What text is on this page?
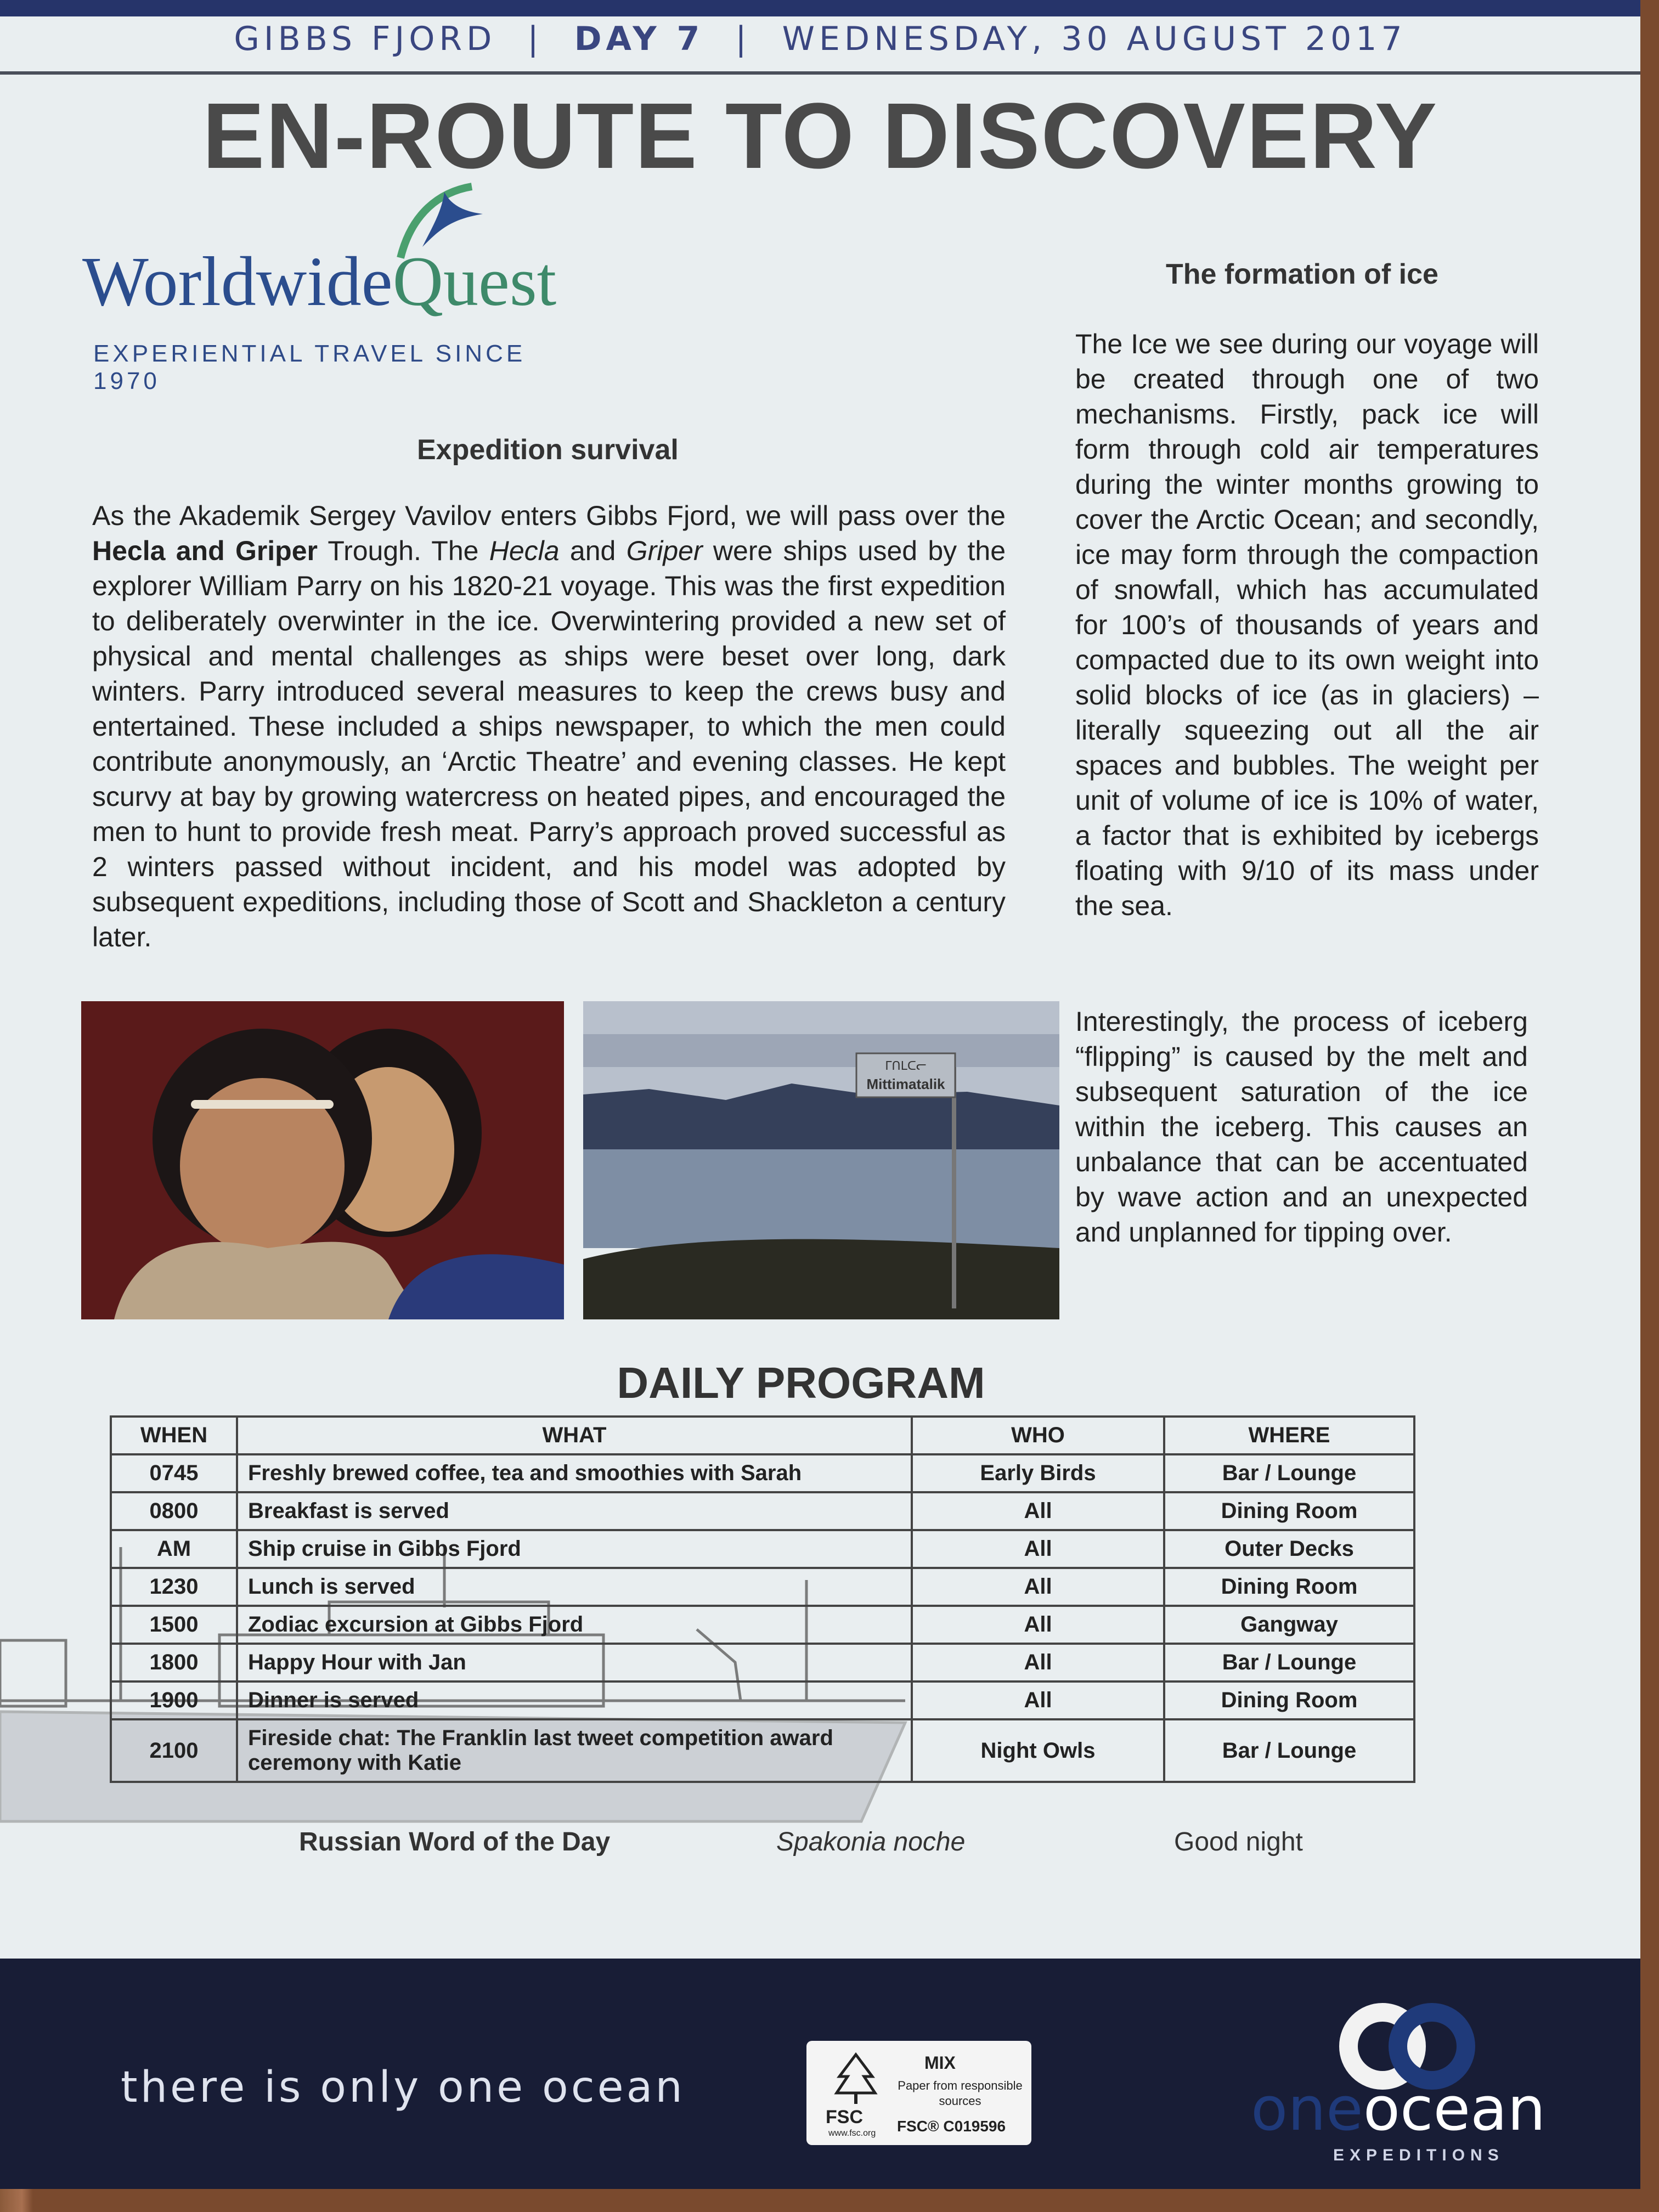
GIBBS FJORD | DAY 7 | WEDNESDAY, 30 AUGUST 2017
EN-ROUTE TO DISCOVERY
WorldwideQuest
EXPERIENTIAL TRAVEL SINCE 1970
Expedition survival
As the Akademik Sergey Vavilov enters Gibbs Fjord, we will pass over the Hecla and Griper Trough. The Hecla and Griper were ships used by the explorer William Parry on his 1820-21 voyage. This was the first expedition to deliberately overwinter in the ice. Overwintering provided a new set of physical and mental challenges as ships were beset over long, dark winters. Parry introduced several measures to keep the crews busy and entertained. These included a ships newspaper, to which the men could contribute anonymously, an ‘Arctic Theatre’ and evening classes. He kept scurvy at bay by growing watercress on heated pipes, and encouraged the men to hunt to provide fresh meat. Parry’s approach proved successful as 2 winters passed without incident, and his model was adopted by subsequent expeditions, including those of Scott and Shackleton a century later.
The formation of ice
The Ice we see during our voyage will be created through one of two mechanisms. Firstly, pack ice will form through cold air temperatures during the winter months growing to cover the Arctic Ocean; and secondly, ice may form through the compaction of snowfall, which has accumulated for 100’s of thousands of years and compacted due to its own weight into solid blocks of ice (as in glaciers) – literally squeezing out all the air spaces and bubbles. The weight per unit of volume of ice is 10% of water, a factor that is exhibited by icebergs floating with 9/10 of its mass under the sea.
Interestingly, the process of iceberg “flipping” is caused by the melt and subsequent saturation of the ice within the iceberg. This causes an unbalance that can be accentuated by wave action and an unexpected and unplanned for tipping over.
ᒥᑎᒪᑕᓕ
Mittimatalik
DAILY PROGRAM
WHEN	WHAT	WHO	WHERE
0745	Freshly brewed coffee, tea and smoothies with Sarah	Early Birds	Bar / Lounge
0800	Breakfast is served	All	Dining Room
AM	Ship cruise in Gibbs Fjord	All	Outer Decks
1230	Lunch is served	All	Dining Room
1500	Zodiac excursion at Gibbs Fjord	All	Gangway
1800	Happy Hour with Jan	All	Bar / Lounge
1900	Dinner is served	All	Dining Room
2100	Fireside chat: The Franklin last tweet competition award ceremony with Katie	Night Owls	Bar / Lounge
Russian Word of the Day	Spakonia noche	Good night
there is only one ocean
FSC
www.fsc.org
MIX
Paper from responsible sources
FSC® C019596	oneocean
EXPEDITIONS
